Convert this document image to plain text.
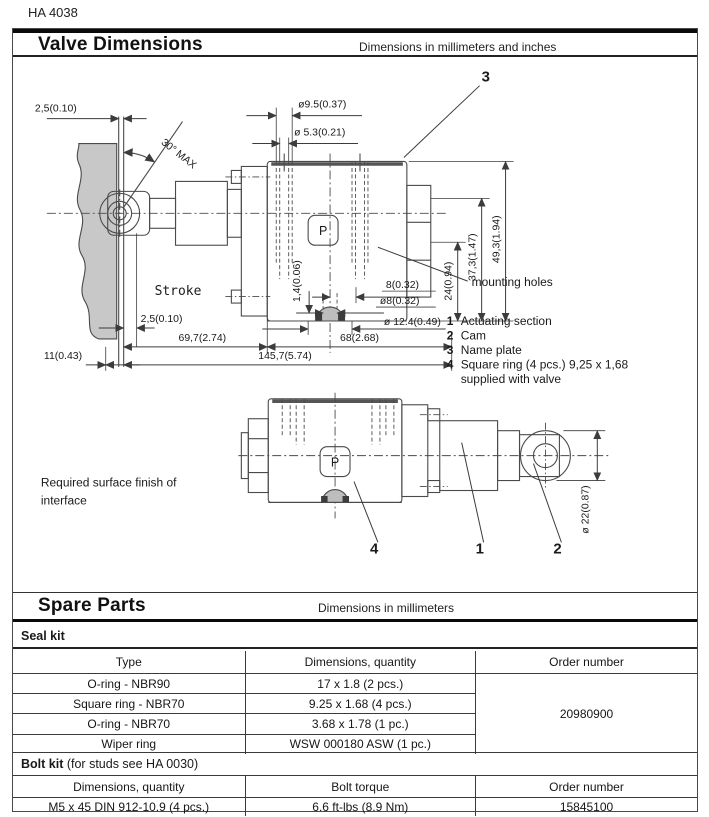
HA 4038
Valve Dimensions	Dimensions in millimeters and inches
2,5(0.10)
30° MAX
ø9.5(0.37)
ø 5.3(0.21)
3
24(0.94)
37,3(1.47) 49,3(1.94)
mounting holes
P
1,4(0.06)	8(0.32)
ø8(0.32)
ø 12.4(0.49)
Stroke
2,5(0.10)
69,7(2.74)	68(2.68)
145,7(5.74)
11(0.43)
1 Actuating section
2 Cam
3 Name plate
4 Square ring (4 pcs.) 9,25 x 1,68
supplied with valve
P
ø 22(0.87)
4	1	2
Required surface finish of
interface
Spare Parts	Dimensions in millimeters
Seal kit
Type	Dimensions, quantity	Order number
O-ring - NBR90	17 x 1.8 (2 pcs.)
20980900
Square ring - NBR70	9.25 x 1.68 (4 pcs.)
O-ring - NBR70	3.68 x 1.78 (1 pc.)
Wiper ring	WSW 000180 ASW (1 pc.)
Bolt kit (for studs see HA 0030)
Dimensions, quantity	Bolt torque	Order number
M5 x 45 DIN 912-10.9 (4 pcs.)	6.6 ft-lbs (8.9 Nm)	15845100
